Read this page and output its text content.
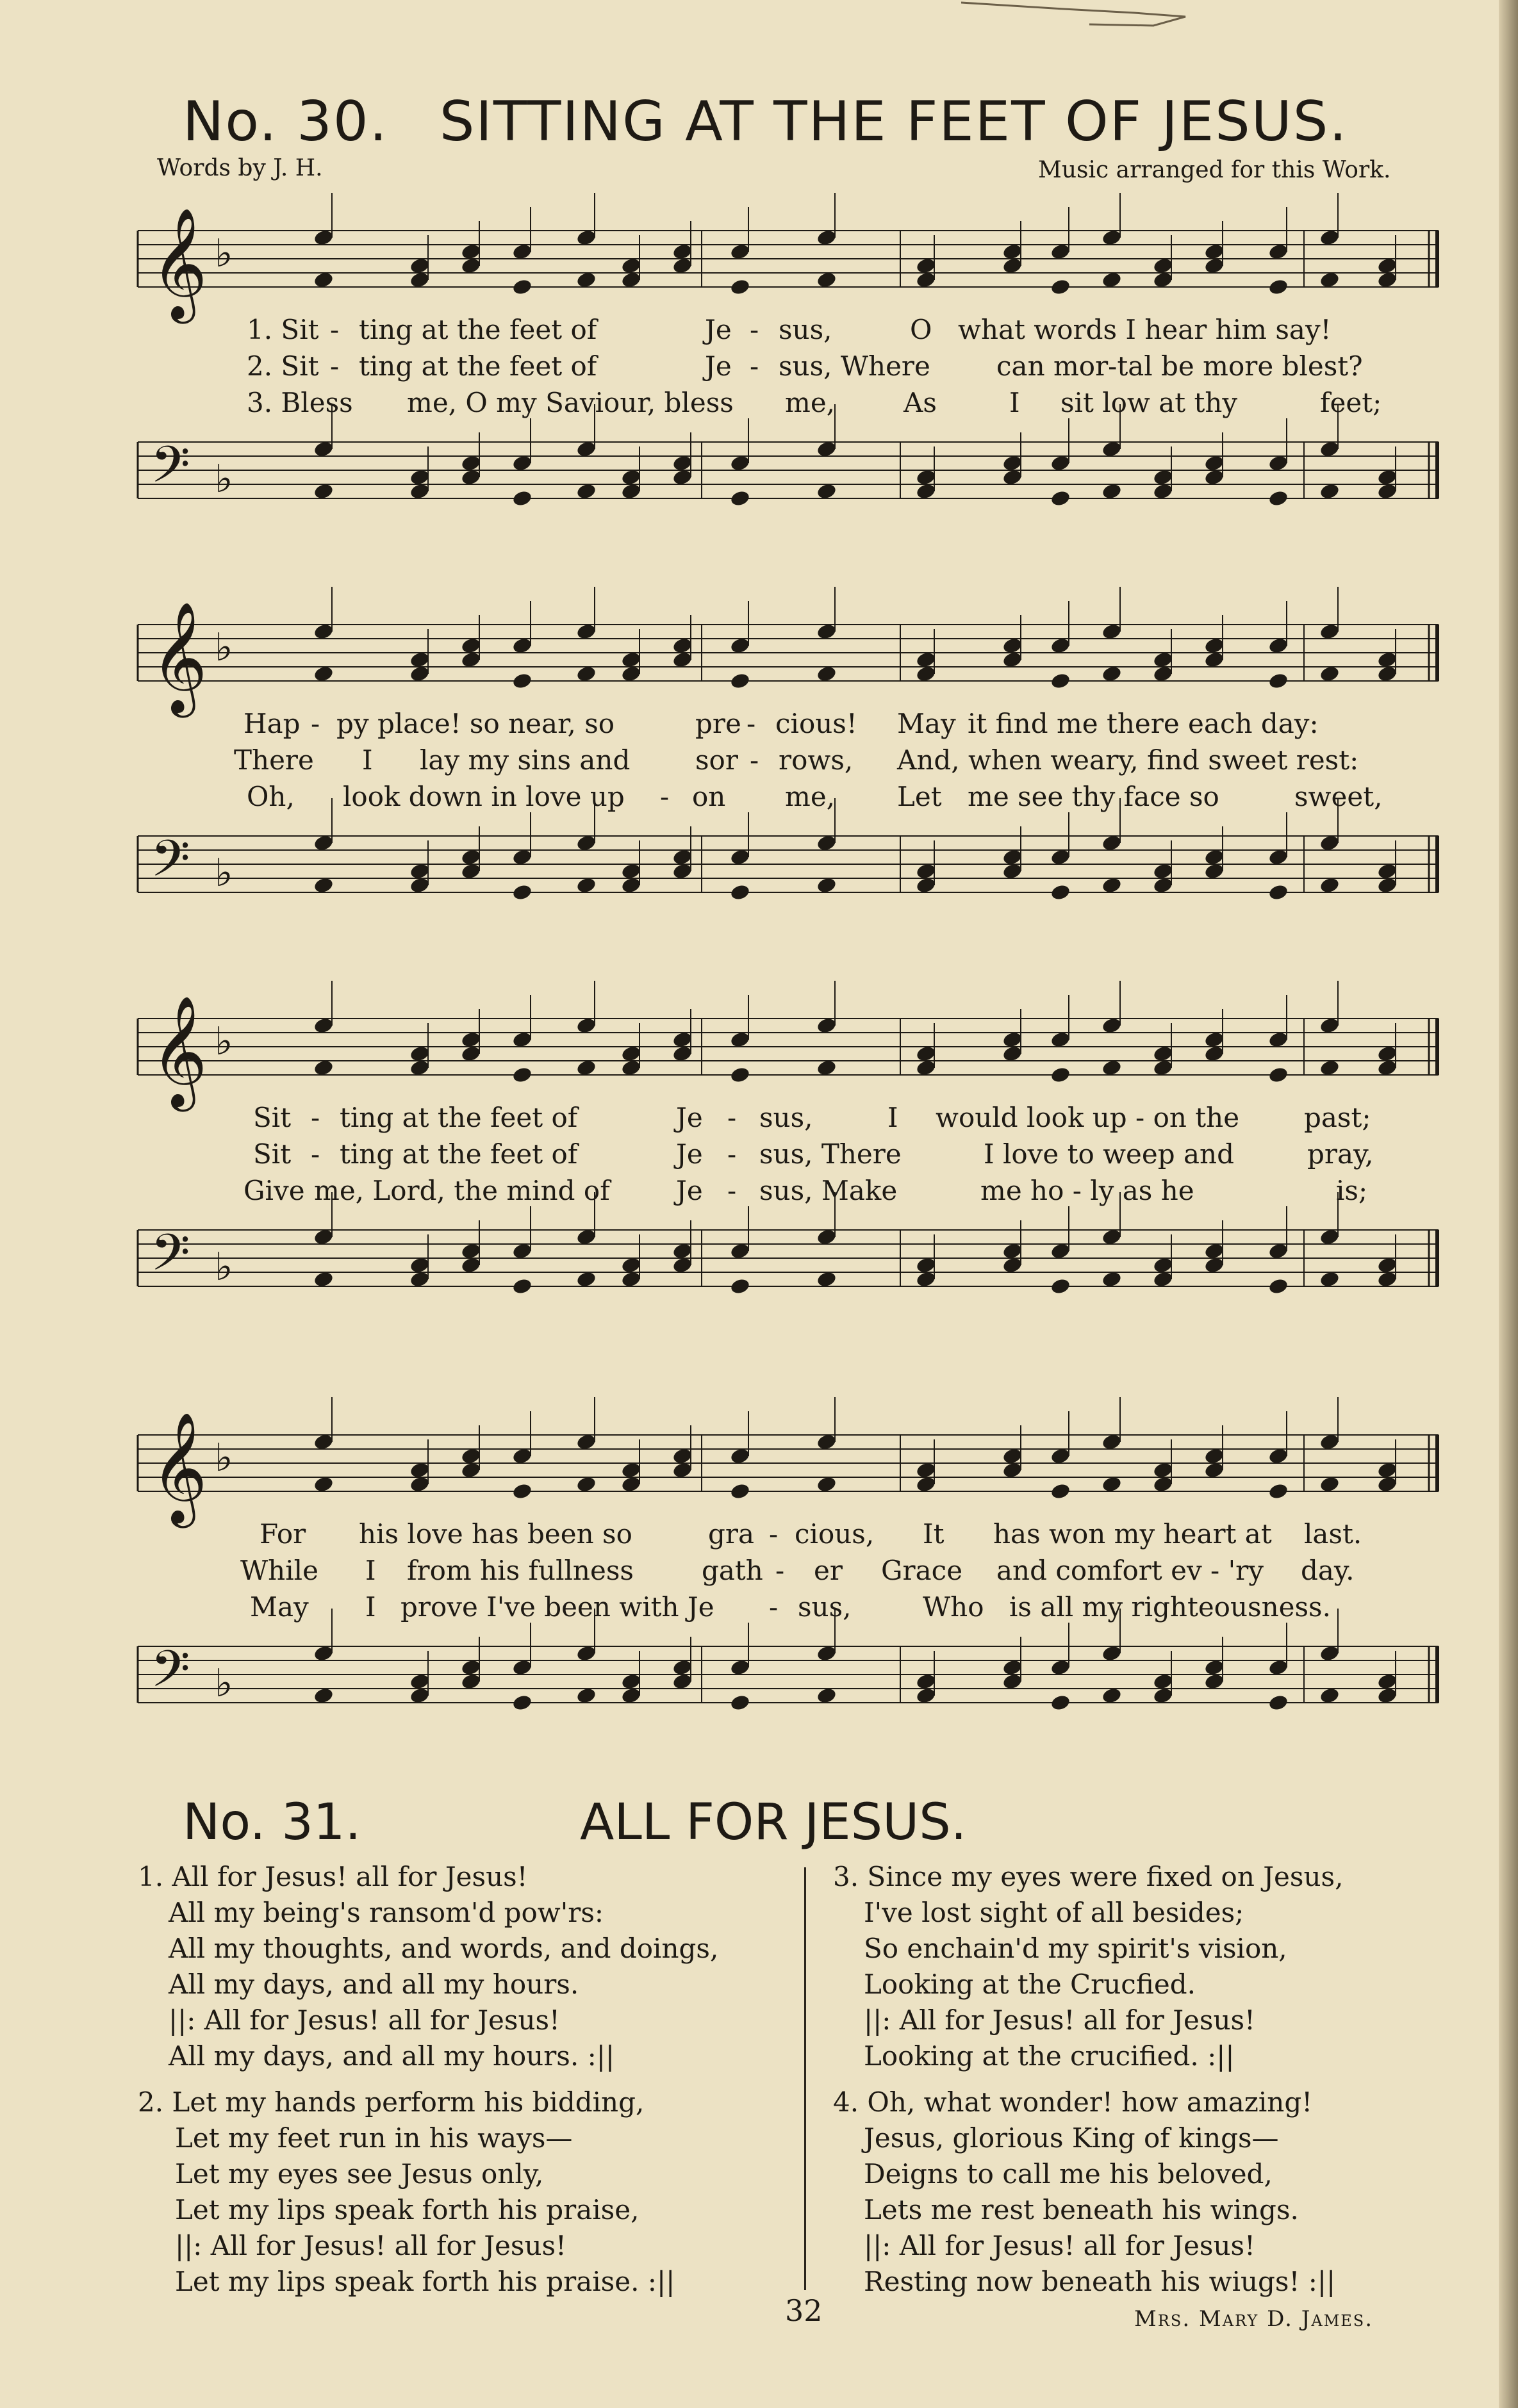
No. 30. SITTING AT THE FEET OF JESUS.
Words by J. H.	Music arranged for this Work.
𝄞 ♭
1. Sit - ting at the feet of	Je - sus,	O what words I hear him say!
2. Sit - ting at the feet of	Je - sus, Where can mor-tal be more blest?
3. Bless me, O my Saviour, bless me,	As	I sit low at thy	feet;
𝄢 ♭
𝄞 ♭
Hap - py place! so near, so	pre - cious! May it find me there each day:
There I lay my sins and sor - rows, And, when weary, find sweet rest:
Oh, look down in love up - on me, Let me see thy face so	sweet,
𝄢 ♭
𝄞 ♭
Sit - ting at the feet of	Je - sus,	I would look up - on the past;
Sit - ting at the feet of	Je - sus, There	I love to weep and	pray,
Give me, Lord, the mind of Je - sus, Make	me ho - ly as he	is;
𝄢 ♭
𝄞 ♭
For his love has been so	gra - cious, It has won my heart at last.
While I from his fullness	gath - er Grace and comfort ev - 'ry day.
May I prove I've been with Je - sus,	Who is all my righteousness.
𝄢 ♭
No. 31.	ALL FOR JESUS.
1. All for Jesus! all for Jesus!
All my being's ransom'd pow'rs:
All my thoughts, and words, and doings,
All my days, and all my hours.
||: All for Jesus! all for Jesus!
All my days, and all my hours. :||
2. Let my hands perform his bidding,
Let my feet run in his ways—
Let my eyes see Jesus only,
Let my lips speak forth his praise,
||: All for Jesus! all for Jesus!
Let my lips speak forth his praise. :||
3. Since my eyes were fixed on Jesus,
I've lost sight of all besides;
So enchain'd my spirit's vision,
Looking at the Crucfied.
||: All for Jesus! all for Jesus!
Looking at the crucified. :||
4. Oh, what wonder! how amazing!
Jesus, glorious King of kings—
Deigns to call me his beloved,
Lets me rest beneath his wings.
||: All for Jesus! all for Jesus!
Resting now beneath his wiugs! :||
32	Mrs. Mary D. James.
